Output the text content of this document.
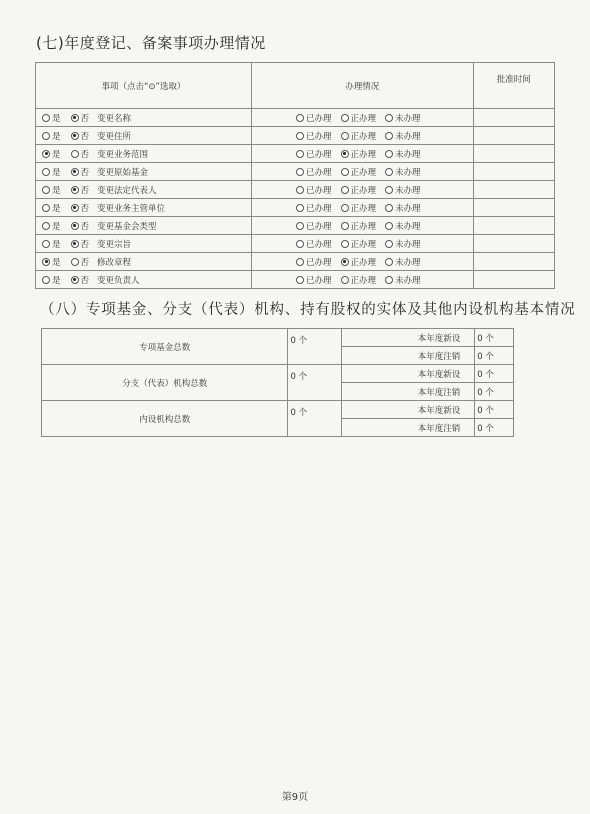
(七)年度登记、备案事项办理情况
事项（点击“⊙”选取）	办理情况	批准时间

是 否 变更名称	已办理 正办理 未办理	

是 否 变更住所	已办理 正办理 未办理	

是 否 变更业务范围	已办理 正办理 未办理	

是 否 变更原始基金	已办理 正办理 未办理	

是 否 变更法定代表人	已办理 正办理 未办理	

是 否 变更业务主管单位	已办理 正办理 未办理	

是 否 变更基金会类型	已办理 正办理 未办理	

是 否 变更宗旨	已办理 正办理 未办理	

是 否 修改章程	已办理 正办理 未办理	

是 否 变更负责人	已办理 正办理 未办理	

（八）专项基金、分支（代表）机构、持有股权的实体及其他内设机构基本情况
专项基金总数	0 个	本年度新设	0 个
		本年度注销	0 个
分支（代表）机构总数	0 个	本年度新设	0 个
		本年度注销	0 个
内设机构总数	0 个	本年度新设	0 个
		本年度注销	0 个
第9页
